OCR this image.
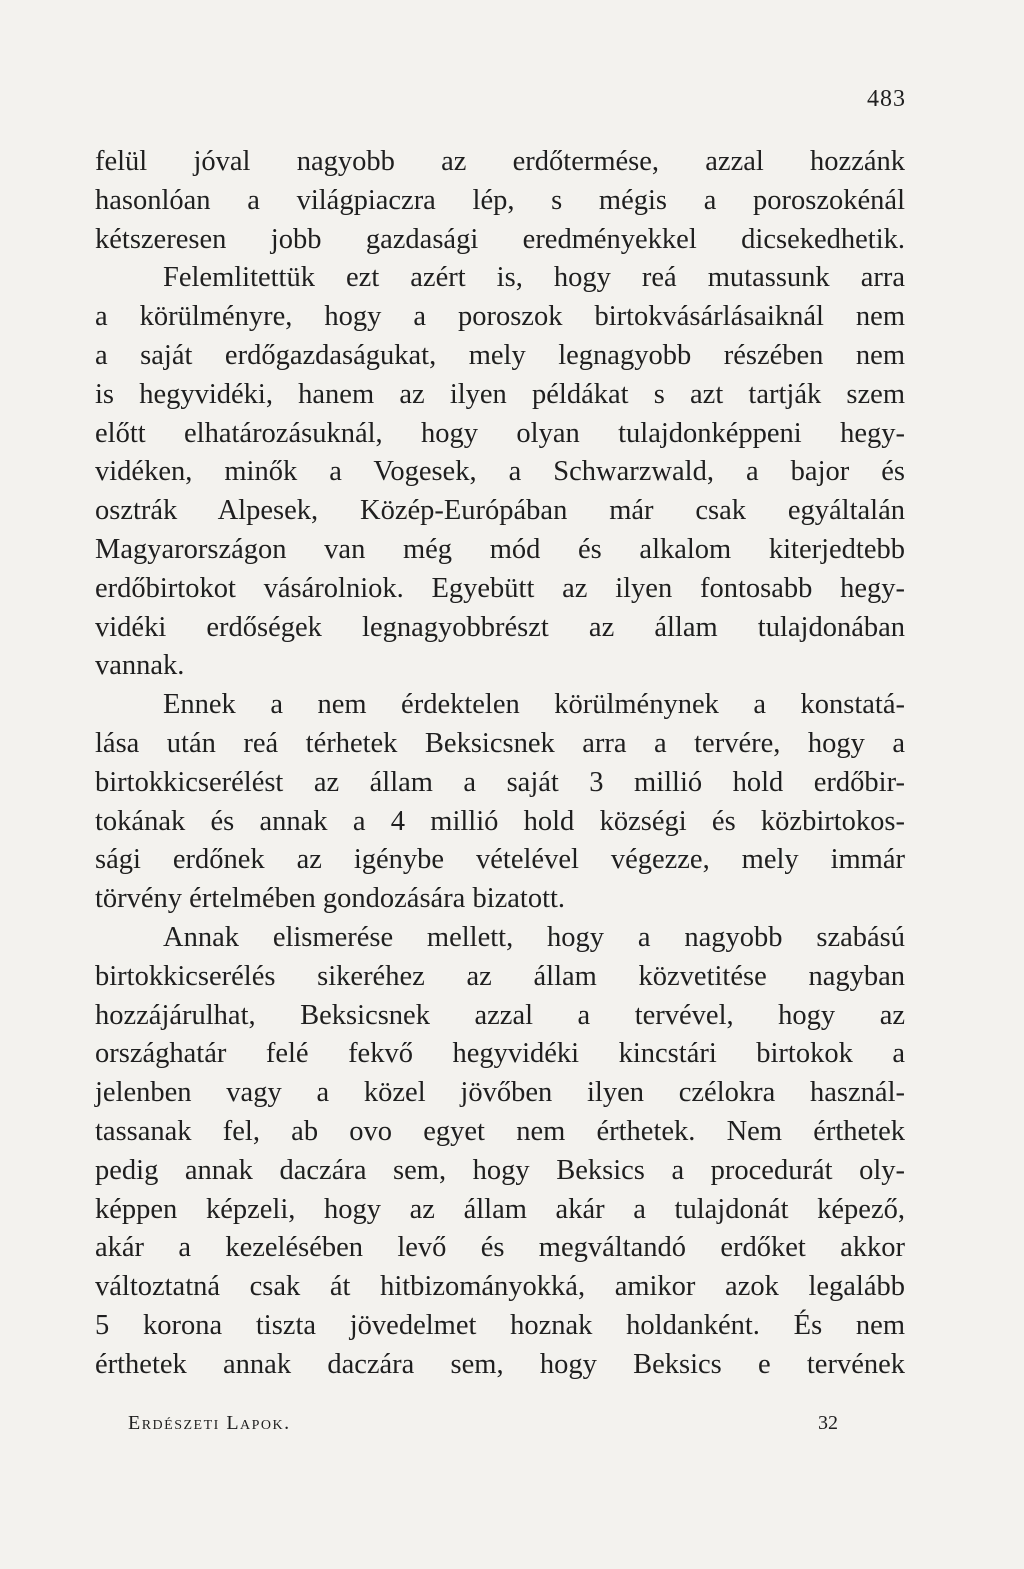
483
felül jóval nagyobb az erdőtermése, azzal hozzánk
hasonlóan a világpiaczra lép, s mégis a poroszokénál
kétszeresen jobb gazdasági eredményekkel dicsekedhetik.
Felemlitettük ezt azért is, hogy reá mutassunk arra
a körülményre, hogy a poroszok birtokvásárlásaiknál nem
a saját erdőgazdaságukat, mely legnagyobb részében nem
is hegyvidéki, hanem az ilyen példákat s azt tartják szem
előtt elhatározásuknál, hogy olyan tulajdonképpeni hegy-
vidéken, minők a Vogesek, a Schwarzwald, a bajor és
osztrák Alpesek, Közép-Európában már csak egyáltalán
Magyarországon van még mód és alkalom kiterjedtebb
erdőbirtokot vásárolniok. Egyebütt az ilyen fontosabb hegy-
vidéki erdőségek legnagyobbrészt az állam tulajdonában
vannak.
Ennek a nem érdektelen körülménynek a konstatá-
lása után reá térhetek Beksicsnek arra a tervére, hogy a
birtokkicserélést az állam a saját 3 millió hold erdőbir-
tokának és annak a 4 millió hold községi és közbirtokos-
sági erdőnek az igénybe vételével végezze, mely immár
törvény értelmében gondozására bizatott.
Annak elismerése mellett, hogy a nagyobb szabású
birtokkicserélés sikeréhez az állam közvetitése nagyban
hozzájárulhat, Beksicsnek azzal a tervével, hogy az
országhatár felé fekvő hegyvidéki kincstári birtokok a
jelenben vagy a közel jövőben ilyen czélokra használ-
tassanak fel, ab ovo egyet nem érthetek. Nem érthetek
pedig annak daczára sem, hogy Beksics a procedurát oly-
képpen képzeli, hogy az állam akár a tulajdonát képező,
akár a kezelésében levő és megváltandó erdőket akkor
változtatná csak át hitbizományokká, amikor azok legalább
5 korona tiszta jövedelmet hoznak holdanként. És nem
érthetek annak daczára sem, hogy Beksics e tervének
Erdészeti Lapok.	32
